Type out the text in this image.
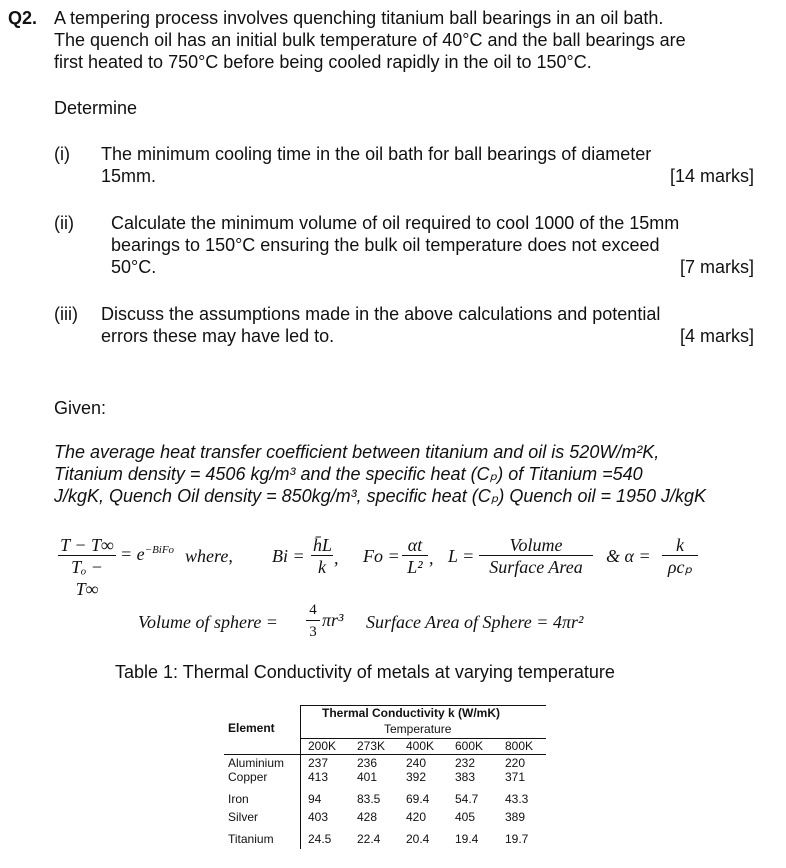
Q2. A tempering process involves quenching titanium ball bearings in an oil bath.
The quench oil has an initial bulk temperature of 40°C and the ball bearings are
first heated to 750°C before being cooled rapidly in the oil to 150°C.
Determine
(i) The minimum cooling time in the oil bath for ball bearings of diameter
15mm.	[14 marks]
(ii) Calculate the minimum volume of oil required to cool 1000 of the 15mm
bearings to 150°C ensuring the bulk oil temperature does not exceed
50°C.	[7 marks]
(iii) Discuss the assumptions made in the above calculations and potential
errors these may have led to.	[4 marks]
Given:
The average heat transfer coefficient between titanium and oil is 520W/m²K,
Titanium density = 4506 kg/m³ and the specific heat (Cₚ) of Titanium =540
J/kgK, Quench Oil density = 850kg/m³, specific heat (Cₚ) Quench oil = 1950 J/kgK
$\frac{T - T\infty}{\text{Tₒ − T∞}} = e^{-BiFo}$ where, $Bi = \frac{h̄L}{k}$ , $Fo = \frac{\alpha t}{\text{L²}}$ , L =
Volume
Surface Area
& α =
k
ρcₚ
Volume of sphere = $\frac{4}{3} \pi r^3$ Surface Area of Sphere = 4πr²
Table 1: Thermal Conductivity of metals at varying temperature
Element
Thermal Conductivity k (W/mK)
Temperature
200K 273K 400K 600K 800K
Aluminium 237 236 240 232 220
Copper	413 401 392 383 371
Iron	94	83.5 69.4 54.7 43.3
Silver	403 428 420 405 389
Titanium	24.5 22.4 20.4 19.4 19.7
